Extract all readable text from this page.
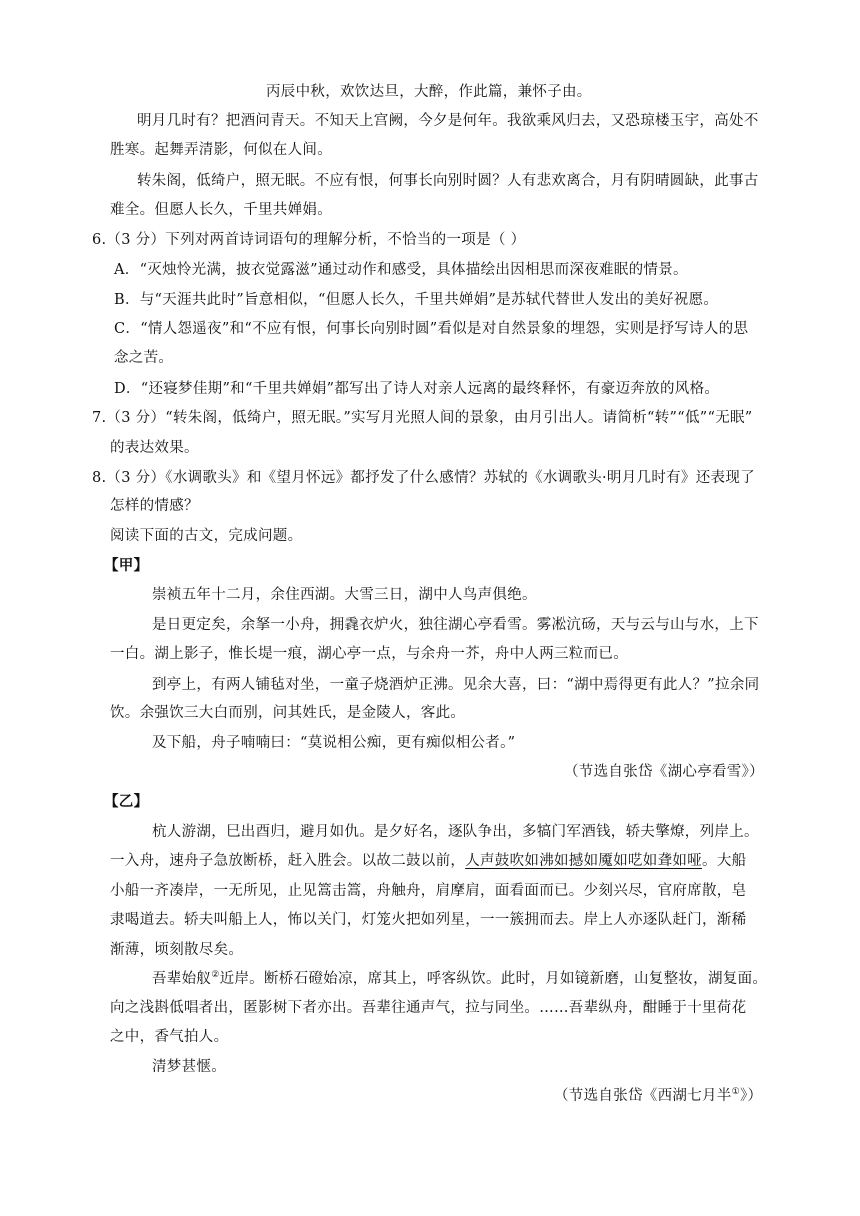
丙辰中秋，欢饮达旦，大醉，作此篇，兼怀子由。
明月几时有？把酒问青天。不知天上宫阙，今夕是何年。我欲乘风归去，又恐琼楼玉宇，高处不
胜寒。起舞弄清影，何似在人间。
转朱阁，低绮户，照无眠。不应有恨，何事长向别时圆？人有悲欢离合，月有阴晴圆缺，此事古
难全。但愿人长久，千里共婵娟。
6.（3 分）下列对两首诗词语句的理解分析，不恰当的一项是（ ）
A．“灭烛怜光满，披衣觉露滋”通过动作和感受，具体描绘出因相思而深夜难眠的情景。
B．与“天涯共此时”旨意相似，“但愿人长久，千里共婵娟”是苏轼代替世人发出的美好祝愿。
C．“情人怨遥夜”和“不应有恨，何事长向别时圆”看似是对自然景象的埋怨，实则是抒写诗人的思
念之苦。
D．“还寝梦佳期”和“千里共婵娟”都写出了诗人对亲人远离的最终释怀，有豪迈奔放的风格。
7.（3 分）“转朱阁，低绮户，照无眠。”实写月光照人间的景象，由月引出人。请简析“转”“低”“无眠”
的表达效果。
8.（3 分）《水调歌头》和《望月怀远》都抒发了什么感情？苏轼的《水调歌头·明月几时有》还表现了
怎样的情感？
阅读下面的古文，完成问题。
【甲】
崇祯五年十二月，余住西湖。大雪三日，湖中人鸟声俱绝。
是日更定矣，余拏一小舟，拥毳衣炉火，独往湖心亭看雪。雾凇沆砀，天与云与山与水，上下
一白。湖上影子，惟长堤一痕，湖心亭一点，与余舟一芥，舟中人两三粒而已。
到亭上，有两人铺毡对坐，一童子烧酒炉正沸。见余大喜，曰：“湖中焉得更有此人？”拉余同
饮。余强饮三大白而别，问其姓氏，是金陵人，客此。
及下船，舟子喃喃曰：“莫说相公痴，更有痴似相公者。”
（节选自张岱《湖心亭看雪》）
【乙】
杭人游湖，巳出酉归，避月如仇。是夕好名，逐队争出，多犒门军酒钱，轿夫擎燎，列岸上。
一入舟，速舟子急放断桥，赶入胜会。以故二鼓以前，人声鼓吹如沸如撼如魇如呓如聋如哑。大船
小船一齐凑岸，一无所见，止见篙击篙，舟触舟，肩摩肩，面看面而已。少刻兴尽，官府席散，皂
隶喝道去。轿夫叫船上人，怖以关门，灯笼火把如列星，一一簇拥而去。岸上人亦逐队赶门，渐稀
渐薄，顷刻散尽矣。
吾辈始舣②近岸。断桥石磴始凉，席其上，呼客纵饮。此时，月如镜新磨，山复整妆，湖复面。
向之浅斟低唱者出，匿影树下者亦出。吾辈往通声气，拉与同坐。……吾辈纵舟，酣睡于十里荷花
之中，香气拍人。
清梦甚惬。
（节选自张岱《西湖七月半①》）
